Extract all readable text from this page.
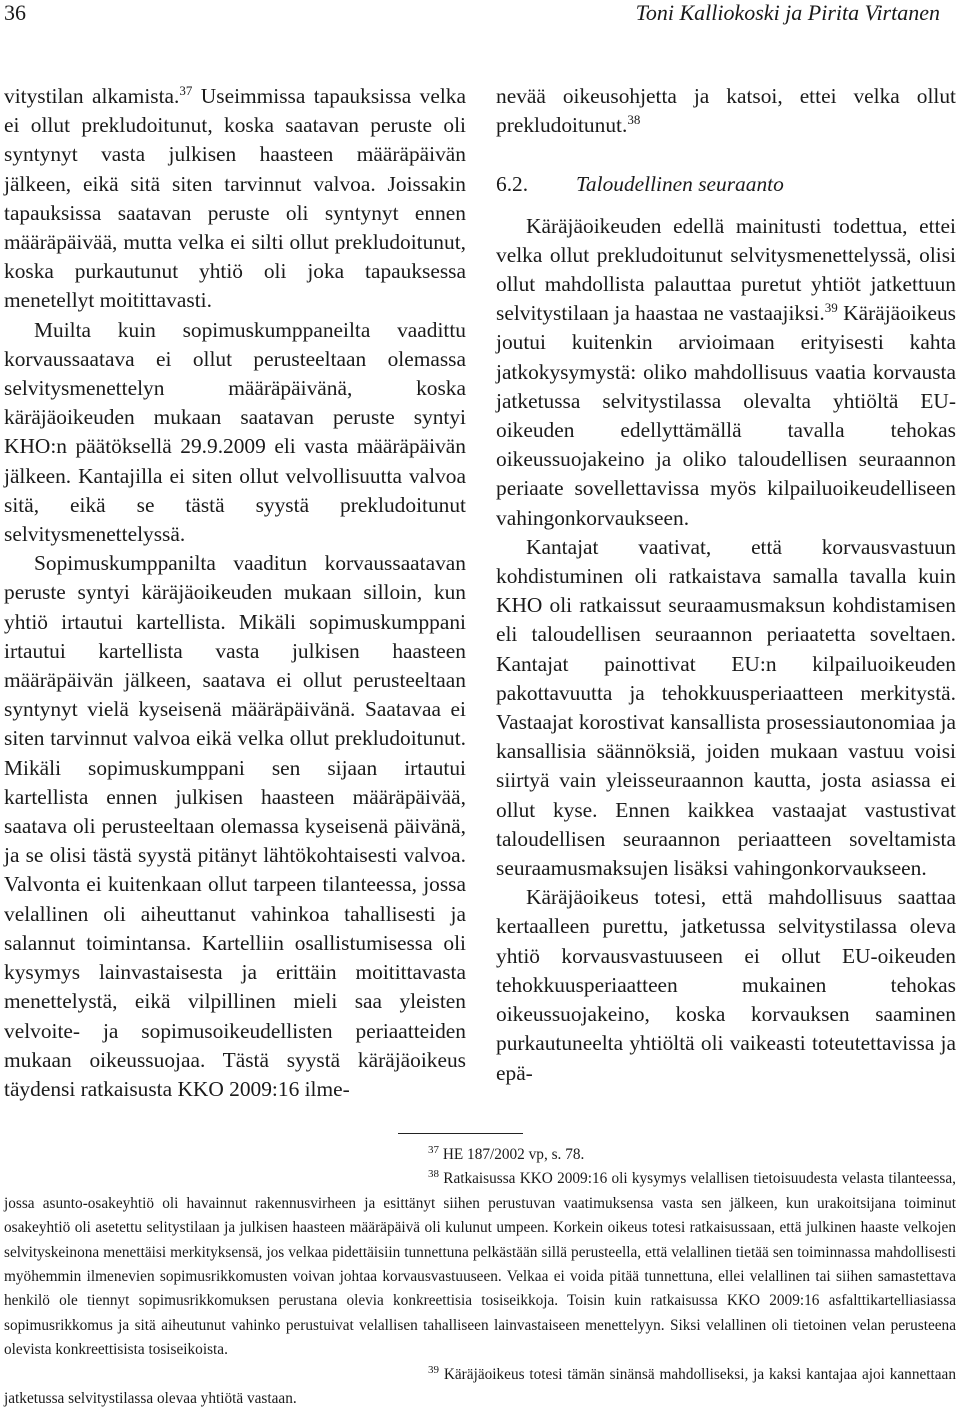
36	Toni Kalliokoski ja Pirita Virtanen

vitystilan alkamista.$^{37}$ Useimmissa tapauksissa velka ei ollut prekludoitunut, koska saatavan peruste oli syntynyt vasta julkisen haasteen määräpäivän jälkeen, eikä sitä siten tarvinnut valvoa. Joissakin tapauksissa saatavan peruste oli syntynyt ennen määräpäivää, mutta velka ei silti ollut prekludoitunut, koska purkautunut yhtiö oli joka tapauksessa menetellyt moitittavasti.

Muilta kuin sopimuskumppaneilta vaadittu korvaussaatava ei ollut perusteeltaan olemassa selvitysmenettelyn määräpäivänä, koska käräjäoikeuden mukaan saatavan peruste syntyi KHO:n päätöksellä 29.9.2009 eli vasta määräpäivän jälkeen. Kantajilla ei siten ollut velvollisuutta valvoa sitä, eikä se tästä syystä prekludoitunut selvitysmenettelyssä.

Sopimuskumppanilta vaaditun korvaussaatavan peruste syntyi käräjäoikeuden mukaan silloin, kun yhtiö irtautui kartellista. Mikäli sopimuskumppani irtautui kartellista vasta julkisen haasteen määräpäivän jälkeen, saatava ei ollut perusteeltaan syntynyt vielä kyseisenä määräpäivänä. Saatavaa ei siten tarvinnut valvoa eikä velka ollut prekludoitunut. Mikäli sopimuskumppani sen sijaan irtautui kartellista ennen julkisen haasteen määräpäivää, saatava oli perusteeltaan olemassa kyseisenä päivänä, ja se olisi tästä syystä pitänyt lähtökohtaisesti valvoa. Valvonta ei kuitenkaan ollut tarpeen tilanteessa, jossa velallinen oli aiheuttanut vahinkoa tahallisesti ja salannut toimintansa. Kartelliin osallistumisessa oli kysymys lainvastaisesta ja erittäin moitittavasta menettelystä, eikä vilpillinen mieli saa yleisten velvoite- ja sopimusoikeudellisten periaatteiden mukaan oikeussuojaa. Tästä syystä käräjäoikeus täydensi ratkaisusta KKO 2009:16 ilme-

nevää oikeusohjetta ja katsoi, ettei velka ollut prekludoitunut.$^{38}$

6.2. Taloudellinen seuraanto

Käräjäoikeuden edellä mainitusti todettua, ettei velka ollut prekludoitunut selvitysmenettelyssä, olisi ollut mahdollista palauttaa puretut yhtiöt jatkettuun selvitystilaan ja haastaa ne vastaajiksi.$^{39}$ Käräjäoikeus joutui kuitenkin arvioimaan erityisesti kahta jatkokysymystä: oliko mahdollisuus vaatia korvausta jatketussa selvitystilassa olevalta yhtiöltä EU-oikeuden edellyttämällä tavalla tehokas oikeussuojakeino ja oliko taloudellisen seuraannon periaate sovellettavissa myös kilpailuoikeudelliseen vahingonkorvaukseen.

Kantajat vaativat, että korvausvastuun kohdistuminen oli ratkaistava samalla tavalla kuin KHO oli ratkaissut seuraamusmaksun kohdistamisen eli taloudellisen seuraannon periaatetta soveltaen. Kantajat painottivat EU:n kilpailuoikeuden pakottavuutta ja tehokkuusperiaatteen merkitystä. Vastaajat korostivat kansallista prosessiautonomiaa ja kansallisia säännöksiä, joiden mukaan vastuu voisi siirtyä vain yleisseuraannon kautta, josta asiassa ei ollut kyse. Ennen kaikkea vastaajat vastustivat taloudellisen seuraannon periaatteen soveltamista seuraamusmaksujen lisäksi vahingonkorvaukseen.

Käräjäoikeus totesi, että mahdollisuus saattaa kertaalleen purettu, jatketussa selvitystilassa oleva yhtiö korvausvastuuseen ei ollut EU-oikeuden tehokkuusperiaatteen mukainen tehokas oikeussuojakeino, koska korvauksen saaminen purkautuneelta yhtiöltä oli vaikeasti toteutettavissa ja epä-

$^{37}$ HE 187/2002 vp, s. 78.

$^{38}$ Ratkaisussa KKO 2009:16 oli kysymys velallisen tietoisuudesta velasta tilanteessa, jossa asunto-osakeyhtiö oli havainnut rakennusvirheen ja esittänyt siihen perustuvan vaatimuksensa vasta sen jälkeen, kun urakoitsijana toiminut osakeyhtiö oli asetettu selitystilaan ja julkisen haasteen määräpäivä oli kulunut umpeen. Korkein oikeus totesi ratkaisussaan, että julkinen haaste velkojen selvityskeinona menettäisi merkityksensä, jos velkaa pidettäisiin tunnettuna pelkästään sillä perusteella, että velallinen tietää sen toiminnassa mahdollisesti myöhemmin ilmenevien sopimusrikkomusten voivan johtaa korvausvastuuseen. Velkaa ei voida pitää tunnettuna, ellei velallinen tai siihen samastettava henkilö ole tiennyt sopimusrikkomuksen perustana olevia konkreettisia tosiseikkoja. Toisin kuin ratkaisussa KKO 2009:16 asfalttikartelliasiassa sopimusrikkomus ja sitä aiheutunut vahinko perustuivat velallisen tahalliseen lainvastaiseen menettelyyn. Siksi velallinen oli tietoinen velan perusteena olevista konkreettisista tosiseikoista.

$^{39}$ Käräjäoikeus totesi tämän sinänsä mahdolliseksi, ja kaksi kantajaa ajoi kannettaan jatketussa selvitystilassa olevaa yhtiötä vastaan.
